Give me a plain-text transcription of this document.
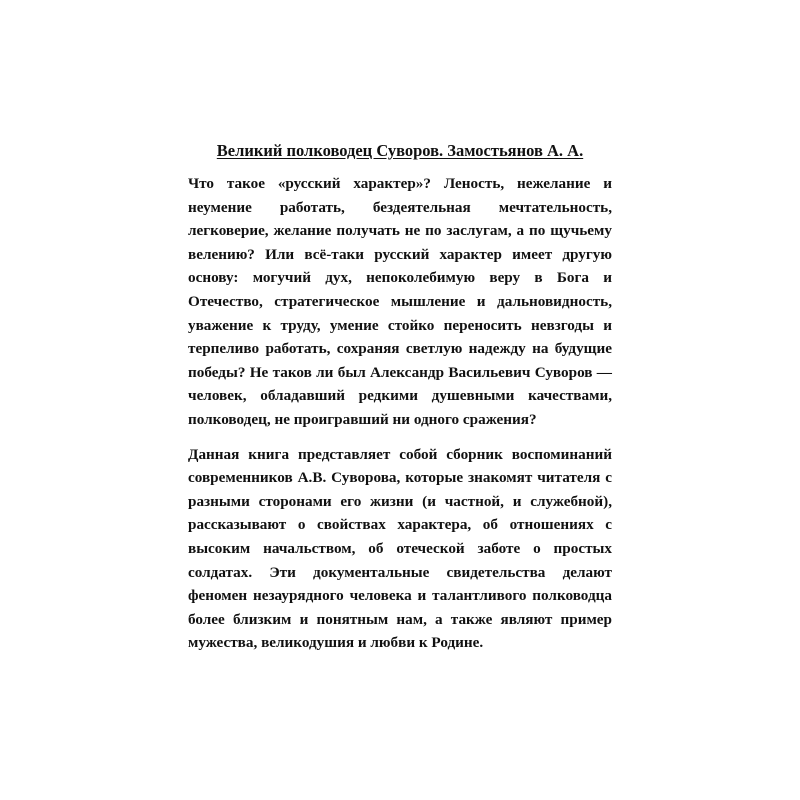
Великий полководец Суворов. Замостьянов А. А.

Что такое «русский характер»? Леность, нежелание и неумение работать, бездеятельная мечтательность, легковерие, желание получать не по заслугам, а по щучьему велению? Или всё-таки русский характер имеет другую основу: могучий дух, непоколебимую веру в Бога и Отечество, стратегическое мышление и дальновидность, уважение к труду, умение стойко переносить невзгоды и терпеливо работать, сохраняя светлую надежду на будущие победы? Не таков ли был Александр Васильевич Суворов — человек, обладавший редкими душевными качествами, полководец, не проигравший ни одного сражения?

Данная книга представляет собой сборник воспоминаний современников А.В. Суворова, которые знакомят читателя с разными сторонами его жизни (и частной, и служебной), рассказывают о свойствах характера, об отношениях с высоким начальством, об отеческой заботе о простых солдатах. Эти документальные свидетельства делают феномен незаурядного человека и талантливого полководца более близким и понятным нам, а также являют пример мужества, великодушия и любви к Родине.
